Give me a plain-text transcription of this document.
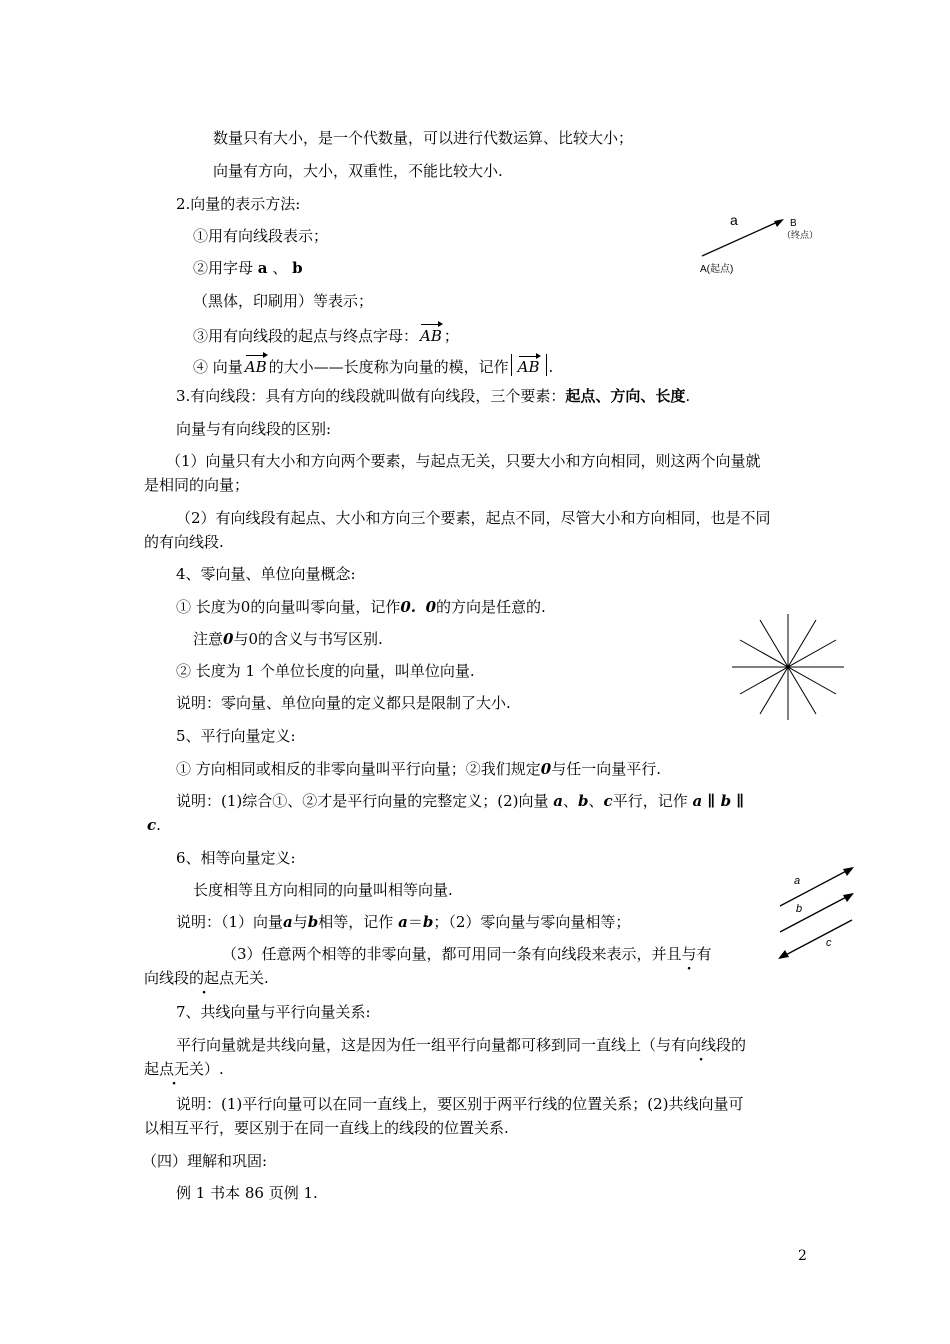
数量只有大小，是一个代数量，可以进行代数运算、比较大小；
向量有方向，大小，双重性，不能比较大小.
2.向量的表示方法:
①用有向线段表示；
②用字母 a 、 b
（黑体，印刷用）等表示；
③用有向线段的起点与终点字母： AB ；
④ 向量 AB 的大小——长度称为向量的模，记作 AB .
3.有向线段：具有方向的线段就叫做有向线段，三个要素：起点、方向、长度.
向量与有向线段的区别:
（1）向量只有大小和方向两个要素，与起点无关，只要大小和方向相同，则这两个向量就
是相同的向量；
（2）有向线段有起点、大小和方向三个要素，起点不同，尽管大小和方向相同，也是不同
的有向线段.
4、零向量、单位向量概念:
① 长度为0的向量叫零向量，记作0. 0的方向是任意的.
注意0与0的含义与书写区别.
② 长度为 1 个单位长度的向量，叫单位向量.
说明：零向量、单位向量的定义都只是限制了大小.
5、平行向量定义:
① 方向相同或相反的非零向量叫平行向量；②我们规定0与任一向量平行.
说明：(1)综合①、②才是平行向量的完整定义；(2)向量 a、b、c平行，记作 a ∥ b ∥
c.
6、相等向量定义:
长度相等且方向相同的向量叫相等向量.
说明：（1）向量a与b相等，记作 a＝b；（2）零向量与零向量相等；
（3）任意两个相等的非零向量，都可用同一条有向线段来表示，并且与有
向线段的起点无关 ·.
7、共线向量与平行向量关系:
平行向量就是共线向量，这是因为任一组平行向量都可移到同一直线上（与有向线段的 ·
起点无关）.
说明：(1)平行向量可以在同一直线上，要区别于两平行线的位置关系；(2)共线向量可
以相互平行，要区别于在同一直线上的线段的位置关系.
（四）理解和巩固:
例 1 书本 86 页例 1.
2
a	B
（终点）
A(起点)
a
b
c
